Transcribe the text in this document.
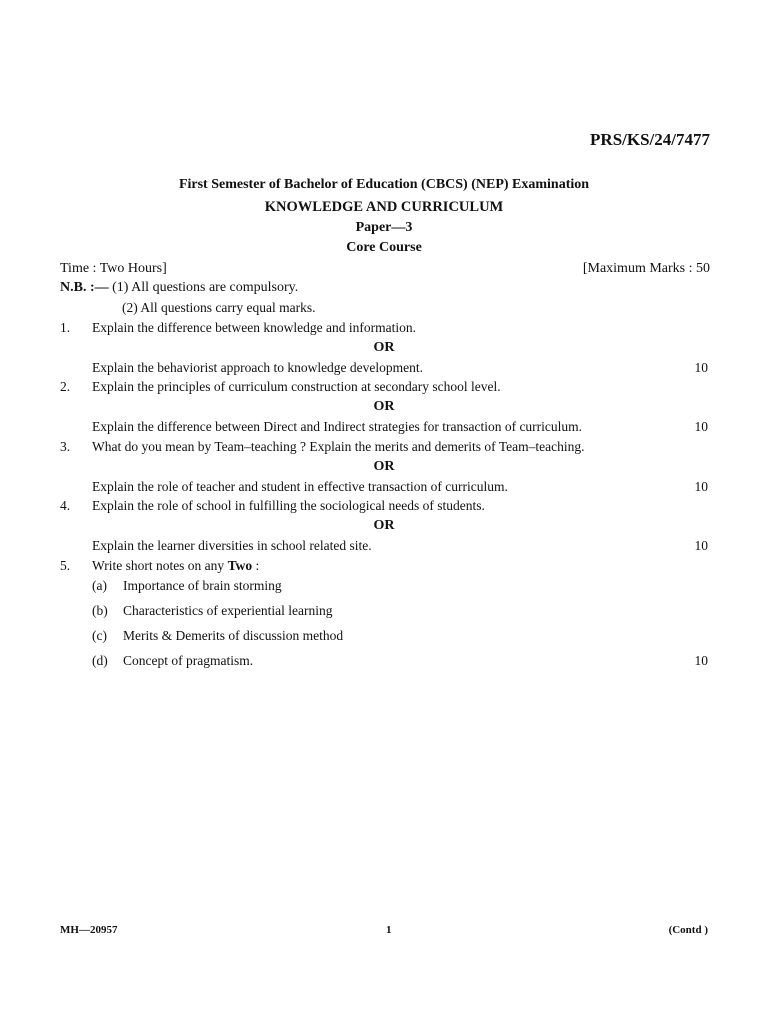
PRS/KS/24/7477
First Semester of Bachelor of Education (CBCS) (NEP) Examination
KNOWLEDGE AND CURRICULUM
Paper—3
Core Course
Time : Two Hours]	[Maximum Marks : 50
N.B. :— (1) All questions are compulsory.
(2) All questions carry equal marks.
1. Explain the difference between knowledge and information.
OR
Explain the behaviorist approach to knowledge development.	10
2. Explain the principles of curriculum construction at secondary school level.
OR
Explain the difference between Direct and Indirect strategies for transaction of curriculum.	10
3. What do you mean by Team–teaching ? Explain the merits and demerits of Team–teaching.
OR
Explain the role of teacher and student in effective transaction of curriculum.	10
4. Explain the role of school in fulfilling the sociological needs of students.
OR
Explain the learner diversities in school related site.	10
5. Write short notes on any Two :
(a) Importance of brain storming
(b) Characteristics of experiential learning
(c) Merits & Demerits of discussion method
(d) Concept of pragmatism.	10
MH—20957	1	(Contd )
